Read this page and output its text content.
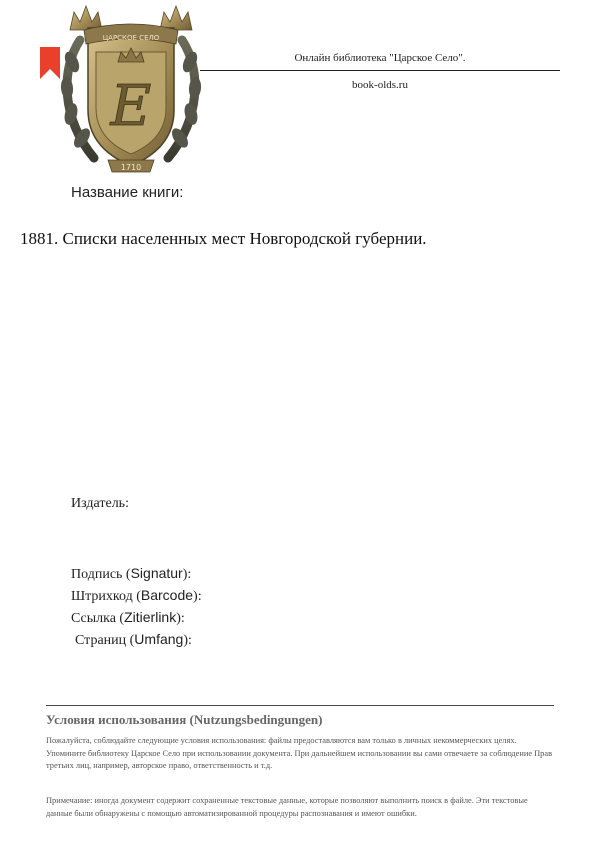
ЦАРСКОЕ СЕЛО
Е
1710
Онлайн библиотека "Царское Село".
book-olds.ru
Название книги:
1881. Списки населенных мест Новгородской губернии.
Издатель:
Подпись (Signatur):
Штрихкод (Barcode):
Ссылка (Zitierlink):
Страниц (Umfang):
Условия использования (Nutzungsbedingungen)
Пожалуйста, соблюдайте следующие условия использования: файлы предоставляются вам только в личных некоммерческих целях. Упомините библиотеку Царское Село при использовании документа. При дальнейшем использовании вы сами отвечаете за соблюдение Прав третьих лиц, например, авторское право, ответственность и т.д.
Примечание: иногда документ содержит сохраненные текстовые данные, которые позволяют выполнить поиск в файле. Эти текстовые данные были обнаружены с помощью автоматизированной процедуры распознавания и имеют ошибки.
